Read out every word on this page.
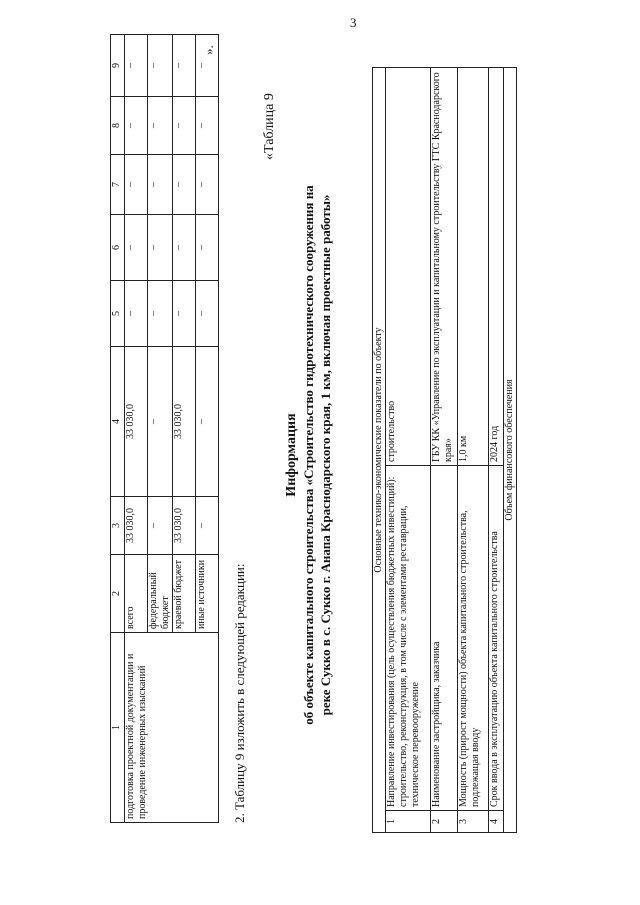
3
1	2	3	4	5	6	7	8	9
подготовка проектной документации и проведение инженерных изысканий	всего	33 030,0	33 030,0	–	–	–	–	–
	федеральный бюджет	–	–	–	–	–	–	–
	краевой бюджет	33 030,0	33 030,0	–	–	–	–	–
	иные источники	–	–	–	–	–	–	–
».
2. Таблицу 9 изложить в следующей редакции:
«Таблица 9
Информация об объекте капитального строительства «Строительство гидротехнического сооружения на реке Сукко в с. Сукко г. Анапа Краснодарского края, 1 км, включая проектные работы»	Основные технико-экономические показатели по объекту		
1	Направление инвестирования (цель осуществления бюджетных инвестиций): строительство, реконструкция, в том числе с элементами реставрации, техническое перевооружение	строительство
2	Наименование застройщика, заказчика	ГБУ КК «Управление по эксплуатации и капитальному строительству ГТС Краснодарского края»
3	Мощность (прирост мощности) объекта капитального строительства, подлежащая вводу	1,0 км
4	Срок ввода в эксплуатацию объекта капитального строительства	2024 год
Объем финансового обеспечения		
